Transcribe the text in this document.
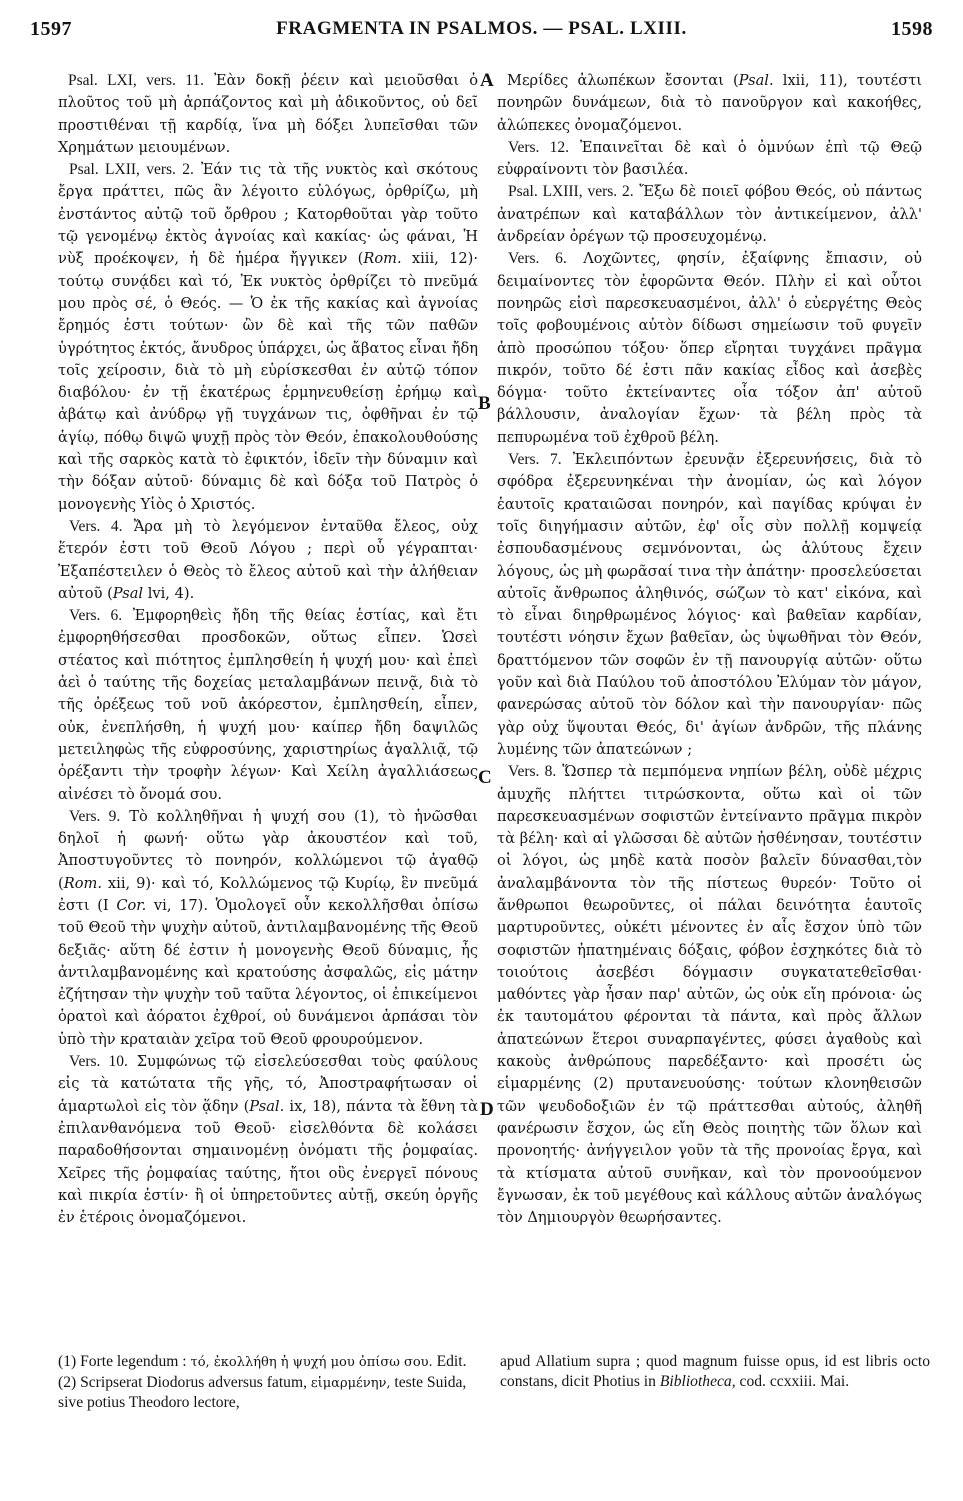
1597	FRAGMENTA IN PSALMOS. — PSAL. LXIII.	1598
A
B
C
D

Psal. LXI, vers. 11. Ἐὰν δοκῇ ῥέειν καὶ μειοῦσθαι ὁ πλοῦτος τοῦ μὴ ἁρπάζοντος καὶ μὴ ἀδικοῦντος, οὐ δεῖ προστιθέναι τῇ καρδίᾳ, ἵνα μὴ δόξει λυπεῖσθαι τῶν Χρημάτων μειουμένων.

Psal. LXII, vers. 2. Ἐάν τις τὰ τῆς νυκτὸς καὶ σκότους ἔργα πράττει, πῶς ἂν λέγοιτο εὐλόγως, ὀρθρίζω, μὴ ἐνστάντος αὐτῷ τοῦ ὄρθρου ; Κατορθοῦται γὰρ τοῦτο τῷ γενομένῳ ἐκτὸς ἀγνοίας καὶ κακίας· ὡς φάναι, Ἡ νὺξ προέκοψεν, ἡ δὲ ἡμέρα ἤγγικεν (Rom. xiii, 12)· τούτῳ συνᾴδει καὶ τό, Ἐκ νυκτὸς ὀρθρίζει τὸ πνεῦμά μου πρὸς σέ, ὁ Θεός. — Ὁ ἐκ τῆς κακίας καὶ ἀγνοίας ἔρημός ἐστι τούτων· ὢν δὲ καὶ τῆς τῶν παθῶν ὑγρότητος ἐκτός, ἄνυδρος ὑπάρχει, ὡς ἄβατος εἶναι ἤδη τοῖς χείροσιν, διὰ τὸ μὴ εὑρίσκεσθαι ἐν αὐτῷ τόπον διαβόλου· ἐν τῇ ἑκατέρως ἑρμηνευθείσῃ ἐρήμῳ καὶ ἀβάτῳ καὶ ἀνύδρῳ γῇ τυγχάνων τις, ὀφθῆναι ἐν τῷ ἁγίῳ, πόθῳ διψῶ ψυχῇ πρὸς τὸν Θεόν, ἐπακολουθούσης καὶ τῆς σαρκὸς κατὰ τὸ ἐφικτόν, ἰδεῖν τὴν δύναμιν καὶ τὴν δόξαν αὐτοῦ· δύναμις δὲ καὶ δόξα τοῦ Πατρὸς ὁ μονογενὴς Υἱὸς ὁ Χριστός.

Vers. 4. Ἄρα μὴ τὸ λεγόμενον ἐνταῦθα ἔλεος, οὐχ ἕτερόν ἐστι τοῦ Θεοῦ Λόγου ; περὶ οὗ γέγραπται· Ἐξαπέστειλεν ὁ Θεὸς τὸ ἔλεος αὐτοῦ καὶ τὴν ἀλήθειαν αὐτοῦ (Psal lvi, 4).

Vers. 6. Ἐμφορηθεὶς ἤδη τῆς θείας ἑστίας, καὶ ἔτι ἐμφορηθήσεσθαι προσδοκῶν, οὕτως εἶπεν. Ὡσεὶ στέατος καὶ πιότητος ἐμπλησθείη ἡ ψυχή μου· καὶ ἐπεὶ ἀεὶ ὁ ταύτης τῆς δοχείας μεταλαμβάνων πεινᾷ, διὰ τὸ τῆς ὀρέξεως τοῦ νοῦ ἀκόρεστον, ἐμπλησθείη, εἶπεν, οὐκ, ἐνεπλήσθη, ἡ ψυχή μου· καίπερ ἤδη δαψιλῶς μετειληφὼς τῆς εὐφροσύνης, χαριστηρίως ἀγαλλιᾷ, τῷ ὀρέξαντι τὴν τροφὴν λέγων· Καὶ Χείλη ἀγαλλιάσεως αἰνέσει τὸ ὄνομά σου.

Vers. 9. Τὸ κολληθῆναι ἡ ψυχή σου (1), τὸ ἡνῶσθαι δηλοῖ ἡ φωνή· οὕτω γὰρ ἀκουστέον καὶ τοῦ, Ἀποστυγοῦντες τὸ πονηρόν, κολλώμενοι τῷ ἀγαθῷ (Rom. xii, 9)· καὶ τό, Κολλώμενος τῷ Κυρίῳ, ἓν πνεῦμά ἐστι (I Cor. vi, 17). Ὁμολογεῖ οὖν κεκολλῆσθαι ὀπίσω τοῦ Θεοῦ τὴν ψυχὴν αὐτοῦ, ἀντιλαμβανομένης τῆς Θεοῦ δεξιᾶς· αὕτη δέ ἐστιν ἡ μονογενὴς Θεοῦ δύναμις, ἧς ἀντιλαμβανομένης καὶ κρατούσης ἀσφαλῶς, εἰς μάτην ἐζήτησαν τὴν ψυχὴν τοῦ ταῦτα λέγοντος, οἱ ἐπικείμενοι ὁρατοὶ καὶ ἀόρατοι ἐχθροί, οὐ δυνάμενοι ἁρπάσαι τὸν ὑπὸ τὴν κραταιὰν χεῖρα τοῦ Θεοῦ φρουρούμενον.

Vers. 10. Συμφώνως τῷ εἰσελεύσεσθαι τοὺς φαύλους εἰς τὰ κατώτατα τῆς γῆς, τό, Ἀποστραφήτωσαν οἱ ἁμαρτωλοὶ εἰς τὸν ᾅδην (Psal. ix, 18), πάντα τὰ ἔθνη τὰ ἐπιλανθανόμενα τοῦ Θεοῦ· εἰσελθόντα δὲ κολάσει παραδοθήσονται σημαινομένῃ ὀνόματι τῆς ῥομφαίας. Χεῖρες τῆς ῥομφαίας ταύτης, ἤτοι οὓς ἐνεργεῖ πόνους καὶ πικρία ἐστίν· ἢ οἱ ὑπηρετοῦντες αὐτῇ, σκεύη ὀργῆς ἐν ἑτέροις ὀνομαζόμενοι.

Μερίδες ἀλωπέκων ἔσονται (Psal. lxii, 11), τουτέστι πονηρῶν δυνάμεων, διὰ τὸ πανοῦργον καὶ κακοήθες, ἀλώπεκες ὀνομαζόμενοι.

Vers. 12. Ἐπαινεῖται δὲ καὶ ὁ ὀμνύων ἐπὶ τῷ Θεῷ εὐφραίνοντι τὸν βασιλέα.

Psal. LXIII, vers. 2. Ἔξω δὲ ποιεῖ φόβου Θεός, οὐ πάντως ἀνατρέπων καὶ καταβάλλων τὸν ἀντικείμενον, ἀλλ' ἀνδρείαν ὀρέγων τῷ προσευχομένῳ.

Vers. 6. Λοχῶντες, φησίν, ἐξαίφνης ἔπιασιν, οὐ δειμαίνοντες τὸν ἐφορῶντα Θεόν. Πλὴν εἰ καὶ οὗτοι πονηρῶς εἰσὶ παρεσκευασμένοι, ἀλλ' ὁ εὐεργέτης Θεὸς τοῖς φοβουμένοις αὐτὸν δίδωσι σημείωσιν τοῦ φυγεῖν ἀπὸ προσώπου τόξου· ὅπερ εἴρηται τυγχάνει πρᾶγμα πικρόν, τοῦτο δέ ἐστι πᾶν κακίας εἶδος καὶ ἀσεβὲς δόγμα· τοῦτο ἐκτείναντες οἷα τόξον ἀπ' αὐτοῦ βάλλουσιν, ἀναλογίαν ἔχων· τὰ βέλη πρὸς τὰ πεπυρωμένα τοῦ ἐχθροῦ βέλη.

Vers. 7. Ἐκλειπόντων ἐρευνᾷν ἐξερευνήσεις, διὰ τὸ σφόδρα ἐξερευνηκέναι τὴν ἀνομίαν, ὡς καὶ λόγον ἑαυτοῖς κραταιῶσαι πονηρόν, καὶ παγίδας κρύψαι ἐν τοῖς διηγήμασιν αὐτῶν, ἐφ' οἷς σὺν πολλῇ κομψείᾳ ἐσπουδασμένους σεμνόνονται, ὡς ἁλύτους ἔχειν λόγους, ὡς μὴ φωρᾶσαί τινα τὴν ἀπάτην· προσελεύσεται αὐτοῖς ἄνθρωπος ἀληθινός, σώζων τὸ κατ' εἰκόνα, καὶ τὸ εἶναι διηρθρωμένος λόγιος· καὶ βαθεῖαν καρδίαν, τουτέστι νόησιν ἔχων βαθεῖαν, ὡς ὑψωθῆναι τὸν Θεόν, δραττόμενον τῶν σοφῶν ἐν τῇ πανουργίᾳ αὐτῶν· οὕτω γοῦν καὶ διὰ Παύλου τοῦ ἀποστόλου Ἐλύμαν τὸν μάγον, φανερώσας αὐτοῦ τὸν δόλον καὶ τὴν πανουργίαν· πῶς γὰρ οὐχ ὕψουται Θεός, δι' ἁγίων ἀνδρῶν, τῆς πλάνης λυμένης τῶν ἀπατεώνων ;

Vers. 8. Ὥσπερ τὰ πεμπόμενα νηπίων βέλη, οὐδὲ μέχρις ἀμυχῆς πλήττει τιτρώσκοντα, οὕτω καὶ οἱ τῶν παρεσκευασμένων σοφιστῶν ἐντείναντο πρᾶγμα πικρὸν τὰ βέλη· καὶ αἱ γλῶσσαι δὲ αὐτῶν ἠσθένησαν, τουτέστιν οἱ λόγοι, ὡς μηδὲ κατὰ ποσὸν βαλεῖν δύνασθαι,τὸν ἀναλαμβάνοντα τὸν τῆς πίστεως θυρεόν· Τοῦτο οἱ ἄνθρωποι θεωροῦντες, οἱ πάλαι δεινότητα ἑαυτοῖς μαρτυροῦντες, οὐκέτι μένοντες ἐν αἷς ἔσχον ὑπὸ τῶν σοφιστῶν ἠπατημέναις δόξαις, φόβον ἐσχηκότες διὰ τὸ τοιούτοις ἀσεβέσι δόγμασιν συγκατατεθεῖσθαι· μαθόντες γὰρ ἦσαν παρ' αὐτῶν, ὡς οὐκ εἴη πρόνοια· ὡς ἐκ ταυτομάτου φέρονται τὰ πάντα, καὶ πρὸς ἄλλων ἀπατεώνων ἕτεροι συναρπαγέντες, φύσει ἀγαθοὺς καὶ κακοὺς ἀνθρώπους παρεδέξαντο· καὶ προσέτι ὡς εἱμαρμένης (2) πρυτανευούσης· τούτων κλονηθεισῶν τῶν ψευδοδοξιῶν ἐν τῷ πράττεσθαι αὐτούς, ἀληθῆ φανέρωσιν ἔσχον, ὡς εἴη Θεὸς ποιητὴς τῶν ὅλων καὶ προνοητής· ἀνήγγειλον γοῦν τὰ τῆς προνοίας ἔργα, καὶ τὰ κτίσματα αὐτοῦ συνῆκαν, καὶ τὸν προνοούμενον ἔγνωσαν, ἐκ τοῦ μεγέθους καὶ κάλλους αὐτῶν ἀναλόγως τὸν Δημιουργὸν θεωρήσαντες.

(1) Forte legendum : τό, ἐκολλήθη ἡ ψυχή μου ὀπίσω σου. Edit.

(2) Scripserat Diodorus adversus fatum, εἱμαρμένην, teste Suida, sive potius Theodoro lectore,

apud Allatium supra ; quod magnum fuisse opus, id est libris octo constans, dicit Photius in Bibliotheca, cod. ccxxiii. Mai.
